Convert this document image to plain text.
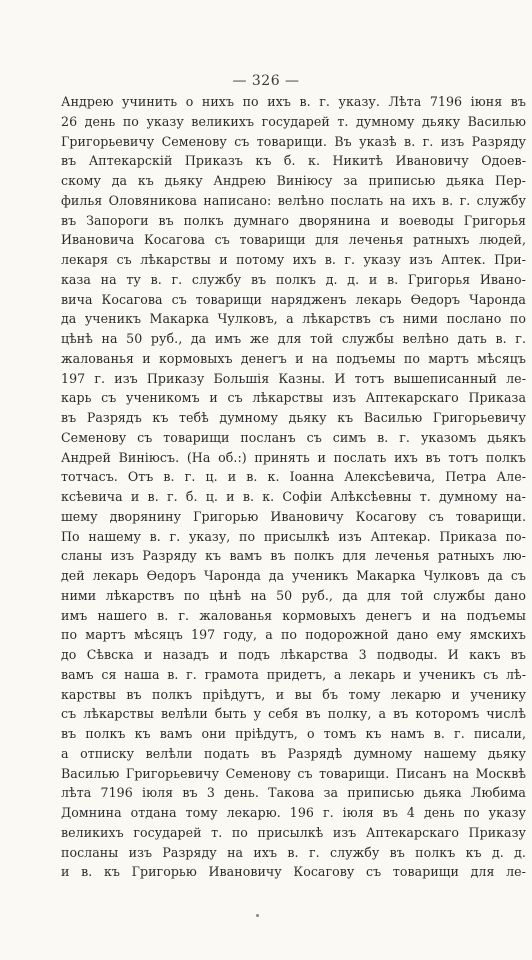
— 326 —
Андрею учинить о нихъ по ихъ в. г. указу. Лѣта 7196 iюня въ
26 день по указу великихъ государей т. думному дьяку Василью
Григорьевичу Семенову съ товарищи. Въ указѣ в. г. изъ Разряду
въ Аптекарскiй Приказъ къ б. к. Никитѣ Ивановичу Одоев-
скому да къ дьяку Андрею Виніюсу за приписью дьяка Пер-
филья Оловяникова написано: велѣно послать на ихъ в. г. службу
въ Запороги въ полкъ думнаго дворянина и воеводы Григорья
Ивановича Косагова съ товарищи для леченья ратныхъ людей,
лекаря съ лѣкарствы и потому ихъ в. г. указу изъ Аптек. При-
каза на ту в. г. службу въ полкъ д. д. и в. Григорья Ивано-
вича Косагова съ товарищи нарядженъ лекарь Өедоръ Чаронда
да ученикъ Макарка Чулковъ, а лѣкарствъ съ ними послано по
цѣнѣ на 50 руб., да имъ же для той службы велѣно дать в. г.
жалованья и кормовыхъ денегъ и на подъемы по мартъ мѣсяцъ
197 г. изъ Приказу Большiя Казны. И тотъ вышеписанный ле-
карь съ ученикомъ и съ лѣкарствы изъ Аптекарскаго Приказа
въ Разрядъ къ тебѣ думному дьяку къ Василью Григорьевичу
Семенову съ товарищи посланъ съ симъ в. г. указомъ дьякъ
Андрей Виніюсъ. (На об.:) принять и послать ихъ въ тотъ полкъ
тотчасъ. Отъ в. г. ц. и в. к. Іоанна Алексѣевича, Петра Але-
ксѣевича и в. г. б. ц. и в. к. Софiи Алѣксѣевны т. думному на-
шему дворянину Григорью Ивановичу Косагову съ товарищи.
По нашему в. г. указу, по присылкѣ изъ Аптекар. Приказа по-
сланы изъ Разряду къ вамъ въ полкъ для леченья ратныхъ лю-
дей лекарь Өедоръ Чаронда да ученикъ Макарка Чулковъ да съ
ними лѣкарствъ по цѣнѣ на 50 руб., да для той службы дано
имъ нашего в. г. жалованья кормовыхъ денегъ и на подъемы
по мартъ мѣсяцъ 197 году, а по подорожной дано ему ямскихъ
до Сѣвска и назадъ и подъ лѣкарства 3 подводы. И какъ въ
вамъ ся наша в. г. грамота придетъ, а лекарь и ученикъ съ лѣ-
карствы въ полкъ прiѣдутъ, и вы бъ тому лекарю и ученику
съ лѣкарствы велѣли быть у себя въ полку, а въ которомъ числѣ
въ полкъ къ вамъ они прiѣдутъ, о томъ къ намъ в. г. писали,
а отписку велѣли подать въ Разрядѣ думному нашему дьяку
Василью Григорьевичу Семенову съ товарищи. Писанъ на Москвѣ
лѣта 7196 iюля въ 3 день. Такова за приписью дьяка Любима
Домнина отдана тому лекарю. 196 г. iюля въ 4 день по указу
великихъ государей т. по присылкѣ изъ Аптекарскаго Приказу
посланы изъ Разряду на ихъ в. г. службу въ полкъ къ д. д.
и в. къ Григорью Ивановичу Косагову съ товарищи для ле-
